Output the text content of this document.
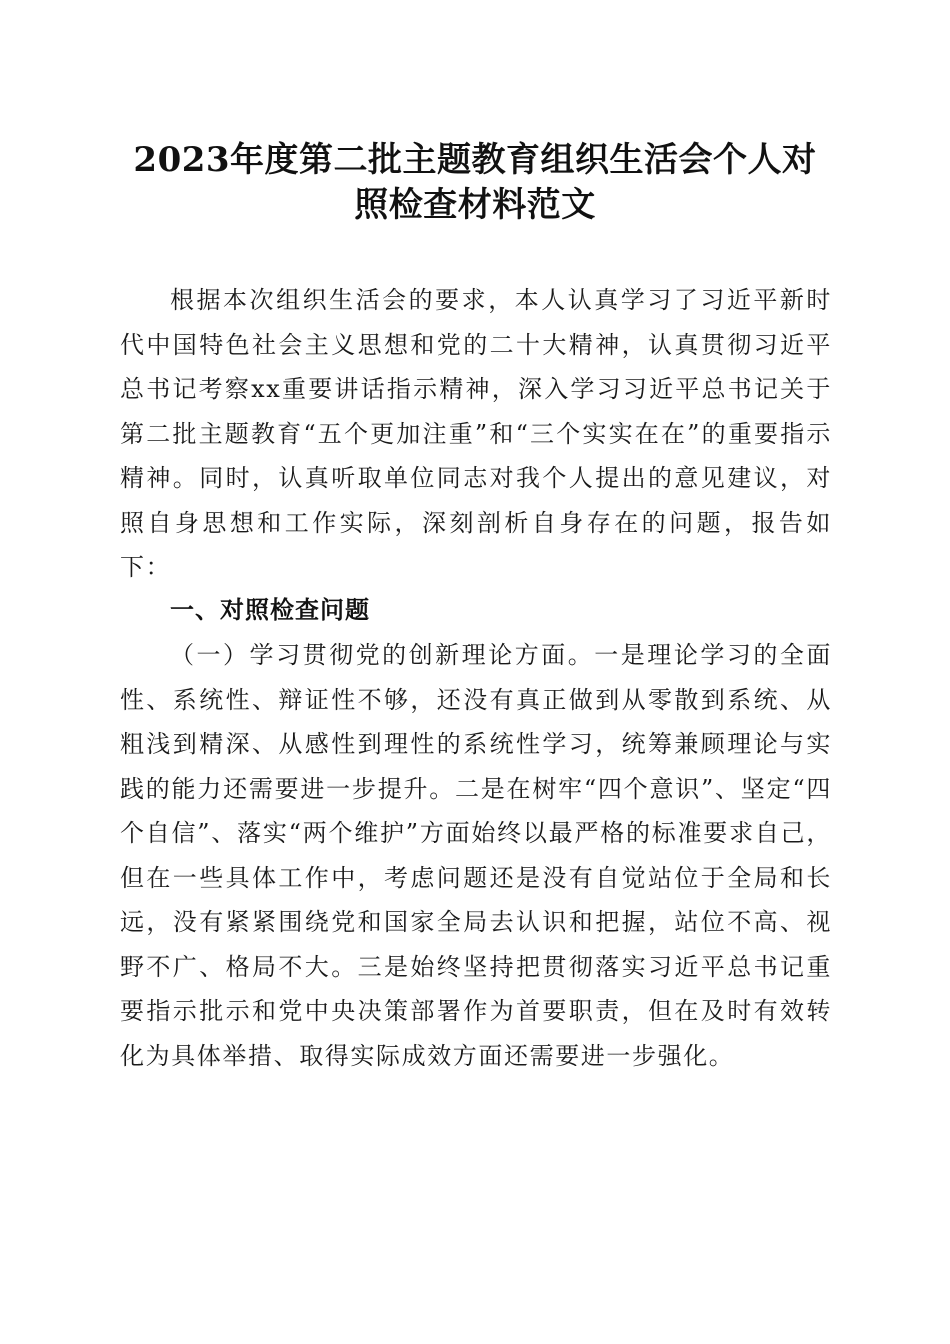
2023年度第二批主题教育组织生活会个人对
照检查材料范文

根据本次组织生活会的要求，本人认真学习了习近平新时代中国特色社会主义思想和党的二十大精神，认真贯彻习近平总书记考察xx重要讲话指示精神，深入学习习近平总书记关于第二批主题教育“五个更加注重”和“三个实实在在”的重要指示精神。同时，认真听取单位同志对我个人提出的意见建议，对照自身思想和工作实际，深刻剖析自身存在的问题，报告如下：

一、对照检查问题

（一）学习贯彻党的创新理论方面。一是理论学习的全面性、系统性、辩证性不够，还没有真正做到从零散到系统、从粗浅到精深、从感性到理性的系统性学习，统筹兼顾理论与实践的能力还需要进一步提升。二是在树牢“四个意识”、坚定“四个自信”、落实“两个维护”方面始终以最严格的标准要求自己，但在一些具体工作中，考虑问题还是没有自觉站位于全局和长远，没有紧紧围绕党和国家全局去认识和把握，站位不高、视野不广、格局不大。三是始终坚持把贯彻落实习近平总书记重要指示批示和党中央决策部署作为首要职责，但在及时有效转化为具体举措、取得实际成效方面还需要进一步强化。
